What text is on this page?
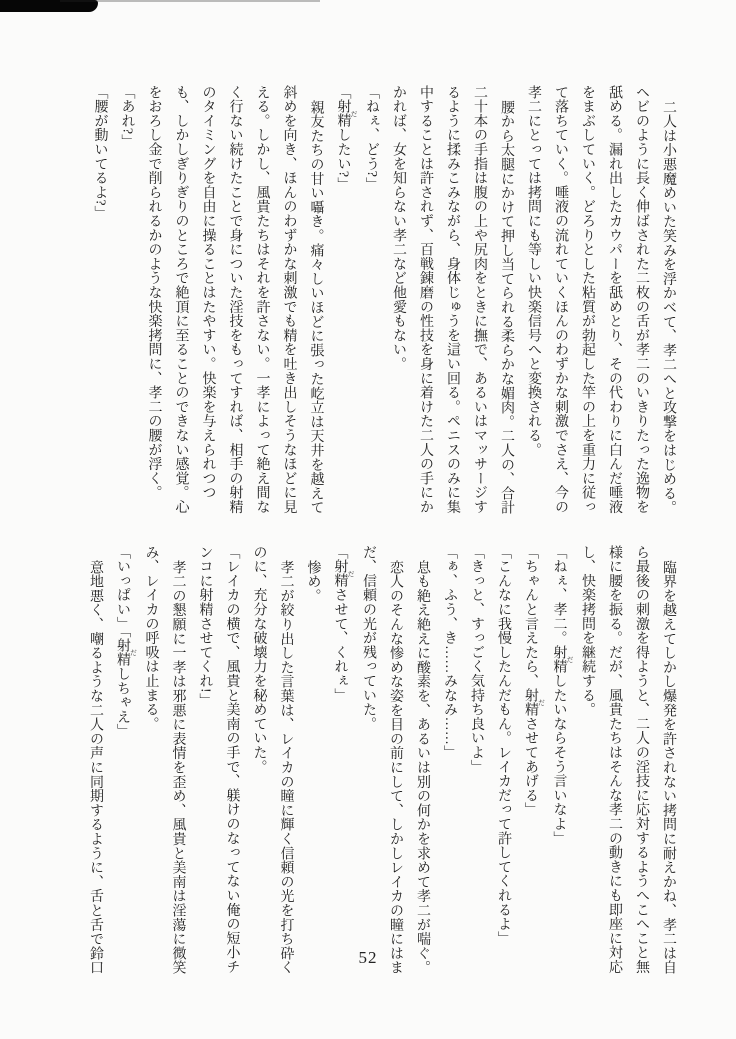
二人は小悪魔めいた笑みを浮かべて、孝二へと攻撃をはじめる。
ヘビのように長く伸ばされた二枚の舌が孝二のいきりたった逸物を
舐める。漏れ出したカウパーを舐めとり、その代わりに白んだ唾液
をまぶしていく。どろりとした粘質が勃起した竿の上を重力に従っ
て落ちていく。唾液の流れていくほんのわずかな刺激でさえ、今の
孝二にとっては拷問にも等しい快楽信号へと変換される。
腰から太腿にかけて押し当てられる柔らかな媚肉。二人の、合計
二十本の手指は腹の上や尻肉をときに撫で、あるいはマッサージす
るように揉みこみながら、身体じゅうを這い回る。ペニスのみに集
中することは許されず、百戦錬磨の性技を身に着けた二人の手にか
かれば、女を知らない孝二など他愛もない。
「ねぇ、どう?」
「射精 だしたい?」
親友たちの甘い囁き。痛々しいほどに張った屹立は天井を越えて
斜めを向き、ほんのわずかな刺激でも精を吐き出しそうなほどに見
える。しかし、風貴たちはそれを許さない。一孝によって絶え間な
く行ない続けたことで身についた淫技をもってすれば、相手の射精
のタイミングを自由に操ることはたやすい。快楽を与えられつつ
も、しかしぎりぎりのところで絶頂に至ることのできない感覚。心
をおろし金で削られるかのような快楽拷問に、孝二の腰が浮く。
「あれ?」
「腰が動いてるよ?」
臨界を越えてしかし爆発を許されない拷問に耐えかね、孝二は自
ら最後の刺激を得ようと、二人の淫技に応対するようへこへこと無
様に腰を振る。だが、風貴たちはそんな孝二の動きにも即座に対応
し、快楽拷問を継続する。
「ねぇ、孝二。射精 だしたいならそう言いなよ」
「ちゃんと言えたら、射精 ださせてあげる」
「こんなに我慢したんだもん。レイカだって許してくれるよ」
「きっと、すっごく気持ち良いよ」
「ぁ、ふう、き……みなみ……」
息も絶え絶えに酸素を、あるいは別の何かを求めて孝二が喘ぐ。
恋人のそんな惨めな姿を目の前にして、しかしレイカの瞳にはま
だ、信頼の光が残っていた。
「射精 ださせて、くれぇ」
惨め。
孝二が絞り出した言葉は、レイカの瞳に輝く信頼の光を打ち砕く
のに、充分な破壊力を秘めていた。
「レイカの横で、風貴と美南の手で、躾けのなってない俺の短小チ
ンコに射精させてくれ!」
孝二の懇願に一孝は邪悪に表情を歪め、風貴と美南は淫蕩に微笑
み、レイカの呼吸は止まる。
「いっぱい」「射精 だしちゃえ」
意地悪く、嘲るような二人の声に同期するように、舌と舌で鈴口	52
